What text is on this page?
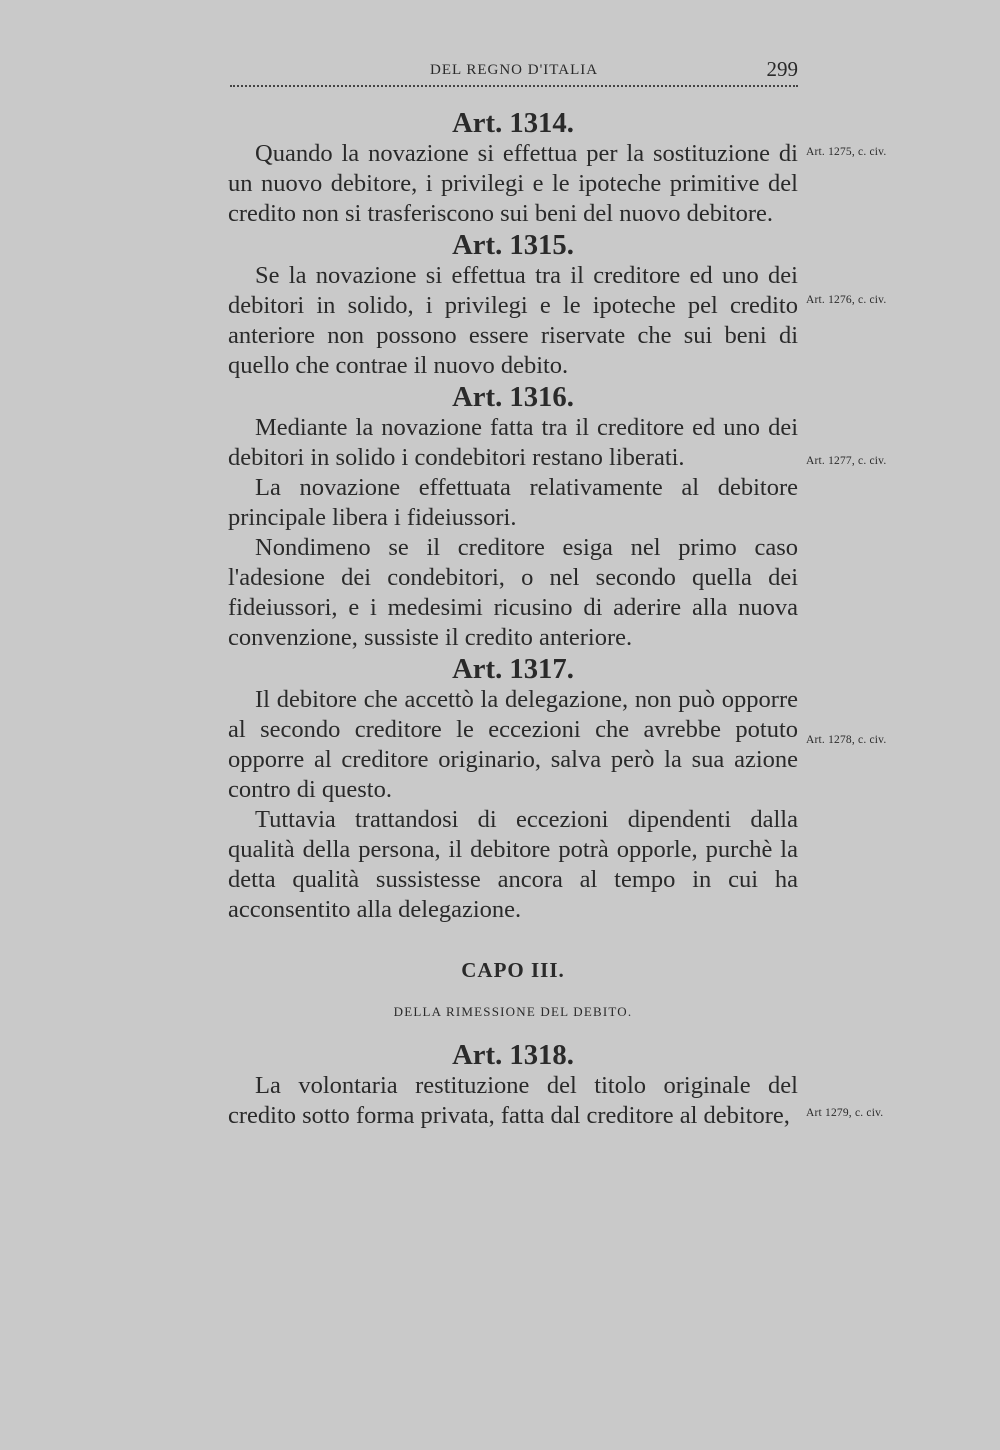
DEL REGNO D'ITALIA	299
Art. 1314.

Quando la novazione si effettua per la sostituzione di un nuovo debitore, i privilegi e le ipoteche primitive del credito non si trasferiscono sui beni del nuovo debitore.

Art. 1315.

Se la novazione si effettua tra il creditore ed uno dei debitori in solido, i privilegi e le ipoteche pel credito anteriore non possono essere riservate che sui beni di quello che contrae il nuovo debito.

Art. 1316.

Mediante la novazione fatta tra il creditore ed uno dei debitori in solido i condebitori restano liberati.

La novazione effettuata relativamente al debitore principale libera i fideiussori.

Nondimeno se il creditore esiga nel primo caso l'adesione dei condebitori, o nel secondo quella dei fideiussori, e i medesimi ricusino di aderire alla nuova convenzione, sussiste il credito anteriore.

Art. 1317.

Il debitore che accettò la delegazione, non può opporre al secondo creditore le eccezioni che avrebbe potuto opporre al creditore originario, salva però la sua azione contro di questo.

Tuttavia trattandosi di eccezioni dipendenti dalla qualità della persona, il debitore potrà opporle, purchè la detta qualità sussistesse ancora al tempo in cui ha acconsentito alla delegazione.

CAPO III.
DELLA RIMESSIONE DEL DEBITO.
Art. 1318.

La volontaria restituzione del titolo originale del credito sotto forma privata, fatta dal creditore al debitore,

Art. 1275, c. civ.
Art. 1276, c. civ.
Art. 1277, c. civ.
Art. 1278, c. civ.
Art 1279, c. civ.
